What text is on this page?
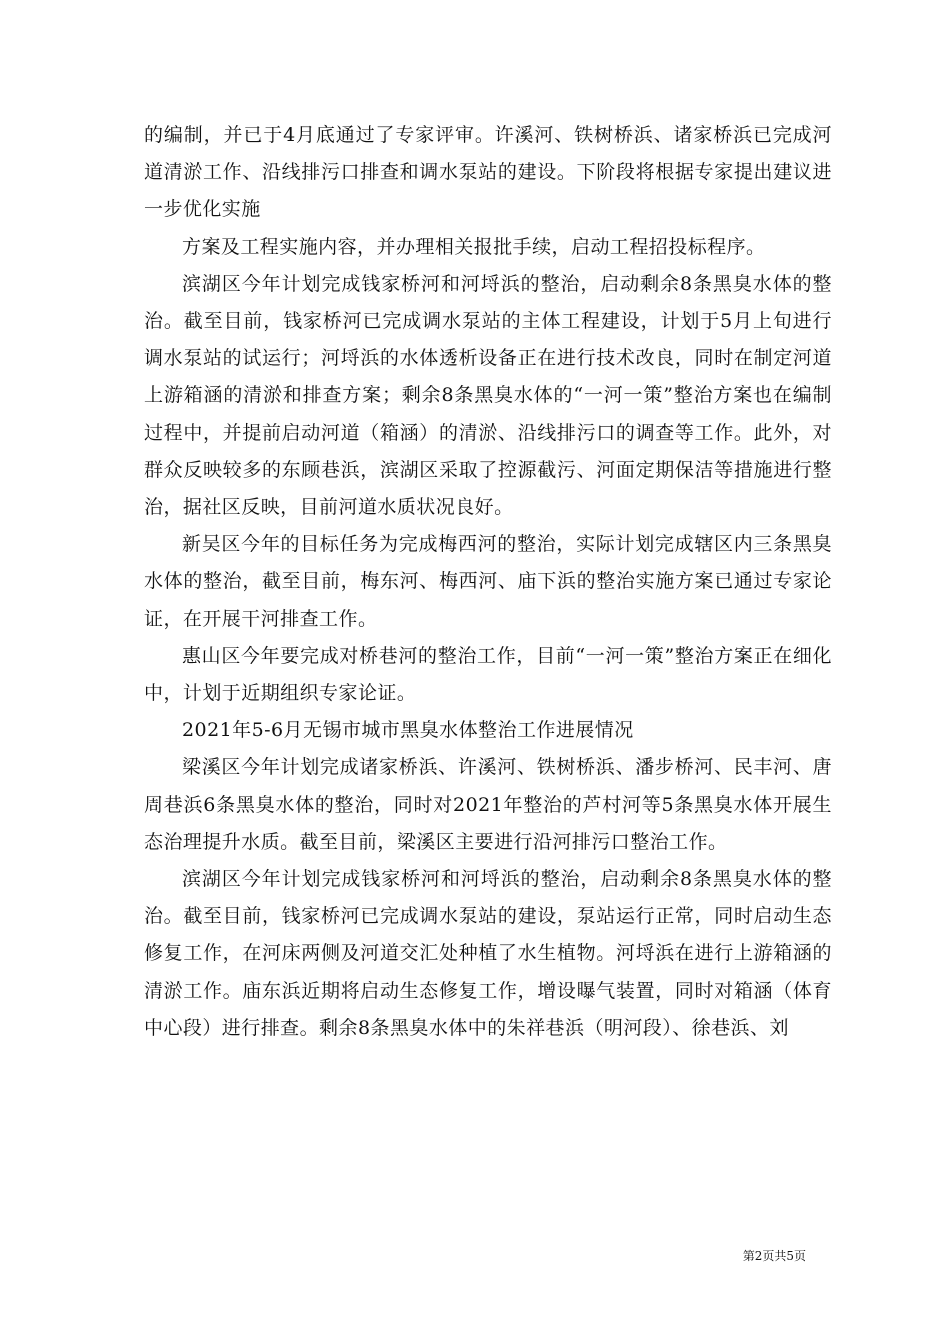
的编制，并已于4月底通过了专家评审。许溪河、铁树桥浜、诸家桥浜已完成河道清淤工作、沿线排污口排查和调水泵站的建设。下阶段将根据专家提出建议进一步优化实施

方案及工程实施内容，并办理相关报批手续，启动工程招投标程序。

滨湖区今年计划完成钱家桥河和河埒浜的整治，启动剩余8条黑臭水体的整治。截至目前，钱家桥河已完成调水泵站的主体工程建设，计划于5月上旬进行调水泵站的试运行；河埒浜的水体透析设备正在进行技术改良，同时在制定河道上游箱涵的清淤和排查方案；剩余8条黑臭水体的“一河一策”整治方案也在编制过程中，并提前启动河道（箱涵）的清淤、沿线排污口的调查等工作。此外，对群众反映较多的东顾巷浜，滨湖区采取了控源截污、河面定期保洁等措施进行整治，据社区反映，目前河道水质状况良好。

新吴区今年的目标任务为完成梅西河的整治，实际计划完成辖区内三条黑臭水体的整治，截至目前，梅东河、梅西河、庙下浜的整治实施方案已通过专家论证，在开展干河排查工作。

惠山区今年要完成对桥巷河的整治工作，目前“一河一策”整治方案正在细化中，计划于近期组织专家论证。

2021年5-6月无锡市城市黑臭水体整治工作进展情况

梁溪区今年计划完成诸家桥浜、许溪河、铁树桥浜、潘步桥河、民丰河、唐周巷浜6条黑臭水体的整治，同时对2021年整治的芦村河等5条黑臭水体开展生态治理提升水质。截至目前，梁溪区主要进行沿河排污口整治工作。

滨湖区今年计划完成钱家桥河和河埒浜的整治，启动剩余8条黑臭水体的整治。截至目前，钱家桥河已完成调水泵站的建设，泵站运行正常，同时启动生态修复工作，在河床两侧及河道交汇处种植了水生植物。河埒浜在进行上游箱涵的清淤工作。庙东浜近期将启动生态修复工作，增设曝气装置，同时对箱涵（体育中心段）进行排查。剩余8条黑臭水体中的朱祥巷浜（明河段）、徐巷浜、刘

第2页共5页
